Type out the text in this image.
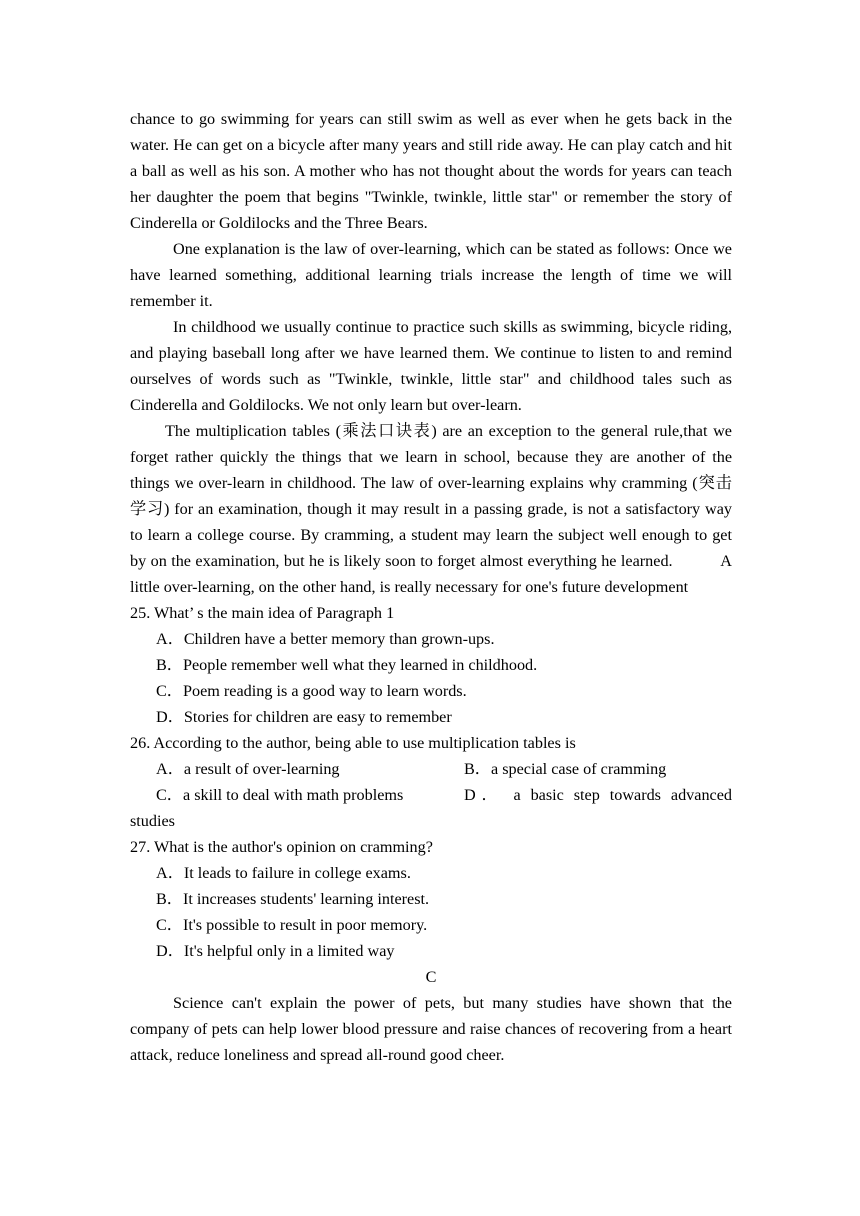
chance to go swimming for years can still swim as well as ever when he gets back in the water. He can get on a bicycle after many years and still ride away. He can play catch and hit a ball as well as his son. A mother who has not thought about the words for years can teach her daughter the poem that begins "Twinkle, twinkle, little star" or remember the story of Cinderella or Goldilocks and the Three Bears.

One explanation is the law of over-learning, which can be stated as follows: Once we have learned something, additional learning trials increase the length of time we will remember it.

In childhood we usually continue to practice such skills as swimming, bicycle riding, and playing baseball long after we have learned them. We continue to listen to and remind ourselves of words such as "Twinkle, twinkle, little star" and childhood tales such as Cinderella and Goldilocks. We not only learn but over-learn.

The multiplication tables (乘法口诀表) are an exception to the general rule,that we forget rather quickly the things that we learn in school, because they are another of the things we over-learn in childhood. The law of over-learning explains why cramming (突击学习) for an examination, though it may result in a passing grade, is not a satisfactory way to learn a college course. By cramming, a student may learn the subject well enough to get by on the examination, but he is likely soon to forget almost everything he learned.           A little over-learning, on the other hand, is really necessary for one's future development

25. What’ s the main idea of Paragraph 1

A．Children have a better memory than grown-ups.

B．People remember well what they learned in childhood.

C．Poem reading is a good way to learn words.

D．Stories for children are easy to remember

26. According to the author, being able to use multiplication tables is

A．a result of over-learning	B．a special case of cramming
C．a skill to deal with math problems	D． a basic step towards advanced

studies

27. What is the author's opinion on cramming?

A．It leads to failure in college exams.

B．It increases students' learning interest.

C．It's possible to result in poor memory.

D．It's helpful only in a limited way

C

Science can't explain the power of pets, but many studies have shown that the company of pets can help lower blood pressure and raise chances of recovering from a heart attack, reduce loneliness and spread all-round good cheer.
